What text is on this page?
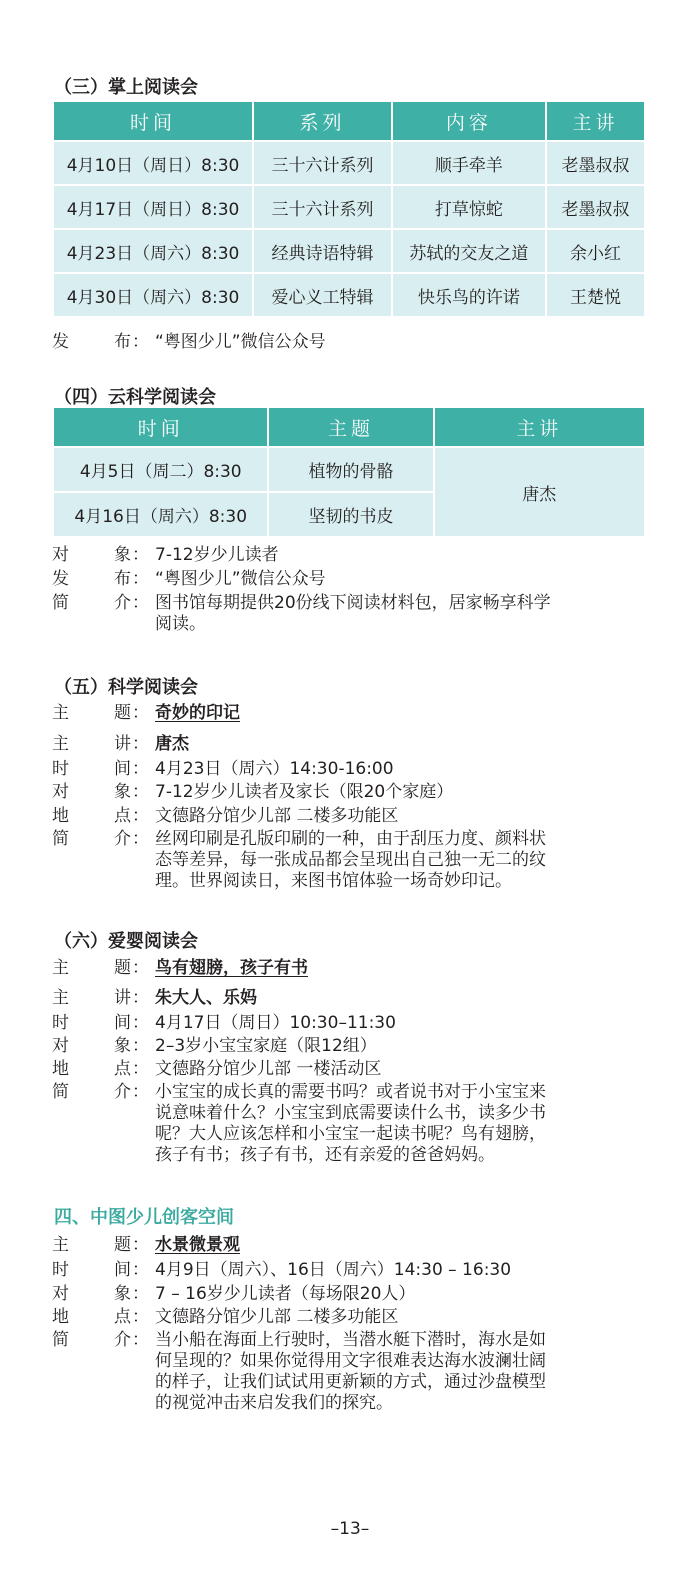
（三）掌上阅读会
时间	系列	内容	主讲
4月10日（周日）8:30	三十六计系列	顺手牵羊	老墨叔叔
4月17日（周日）8:30	三十六计系列	打草惊蛇	老墨叔叔
4月23日（周六）8:30	经典诗语特辑	苏轼的交友之道	余小红
4月30日（周六）8:30	爱心义工特辑	快乐鸟的许诺	王楚悦
发	布 ： “粤图少儿”微信公众号
（四）云科学阅读会
时间	主题	主讲
4月5日（周二）8:30	植物的骨骼	唐杰
4月16日（周六）8:30	坚韧的书皮	
对	象 ： 7-12岁少儿读者
发	布 ： “粤图少儿”微信公众号
简	介 ： 图书馆每期提供20份线下阅读材料包，居家畅享科学
阅读。
（五）科学阅读会
主	题 ： 奇妙的印记
主	讲 ： 唐杰
时	间 ： 4月23日（周六）14:30-16:00
对	象 ： 7-12岁少儿读者及家长（限20个家庭）
地	点 ： 文德路分馆少儿部 二楼多功能区
简	介 ： 丝网印刷是孔版印刷的一种，由于刮压力度、颜料状
态等差异，每一张成品都会呈现出自己独一无二的纹
理。世界阅读日，来图书馆体验一场奇妙印记。
（六）爱婴阅读会
主	题 ： 鸟有翅膀，孩子有书
主	讲 ： 朱大人、乐妈
时	间 ： 4月17日（周日）10:30–11:30
对	象 ： 2–3岁小宝宝家庭（限12组）
地	点 ： 文德路分馆少儿部 一楼活动区
简	介 ： 小宝宝的成长真的需要书吗？或者说书对于小宝宝来
说意味着什么？小宝宝到底需要读什么书，读多少书
呢？大人应该怎样和小宝宝一起读书呢？鸟有翅膀，
孩子有书；孩子有书，还有亲爱的爸爸妈妈。
四、中图少儿创客空间
主	题 ： 水景微景观
时	间 ： 4月9日（周六）、16日（周六）14:30 – 16:30
对	象 ： 7 – 16岁少儿读者（每场限20人）
地	点 ： 文德路分馆少儿部 二楼多功能区
简	介 ： 当小船在海面上行驶时，当潜水艇下潜时，海水是如
何呈现的？如果你觉得用文字很难表达海水波澜壮阔
的样子，让我们试试用更新颖的方式，通过沙盘模型
的视觉冲击来启发我们的探究。
–13–
